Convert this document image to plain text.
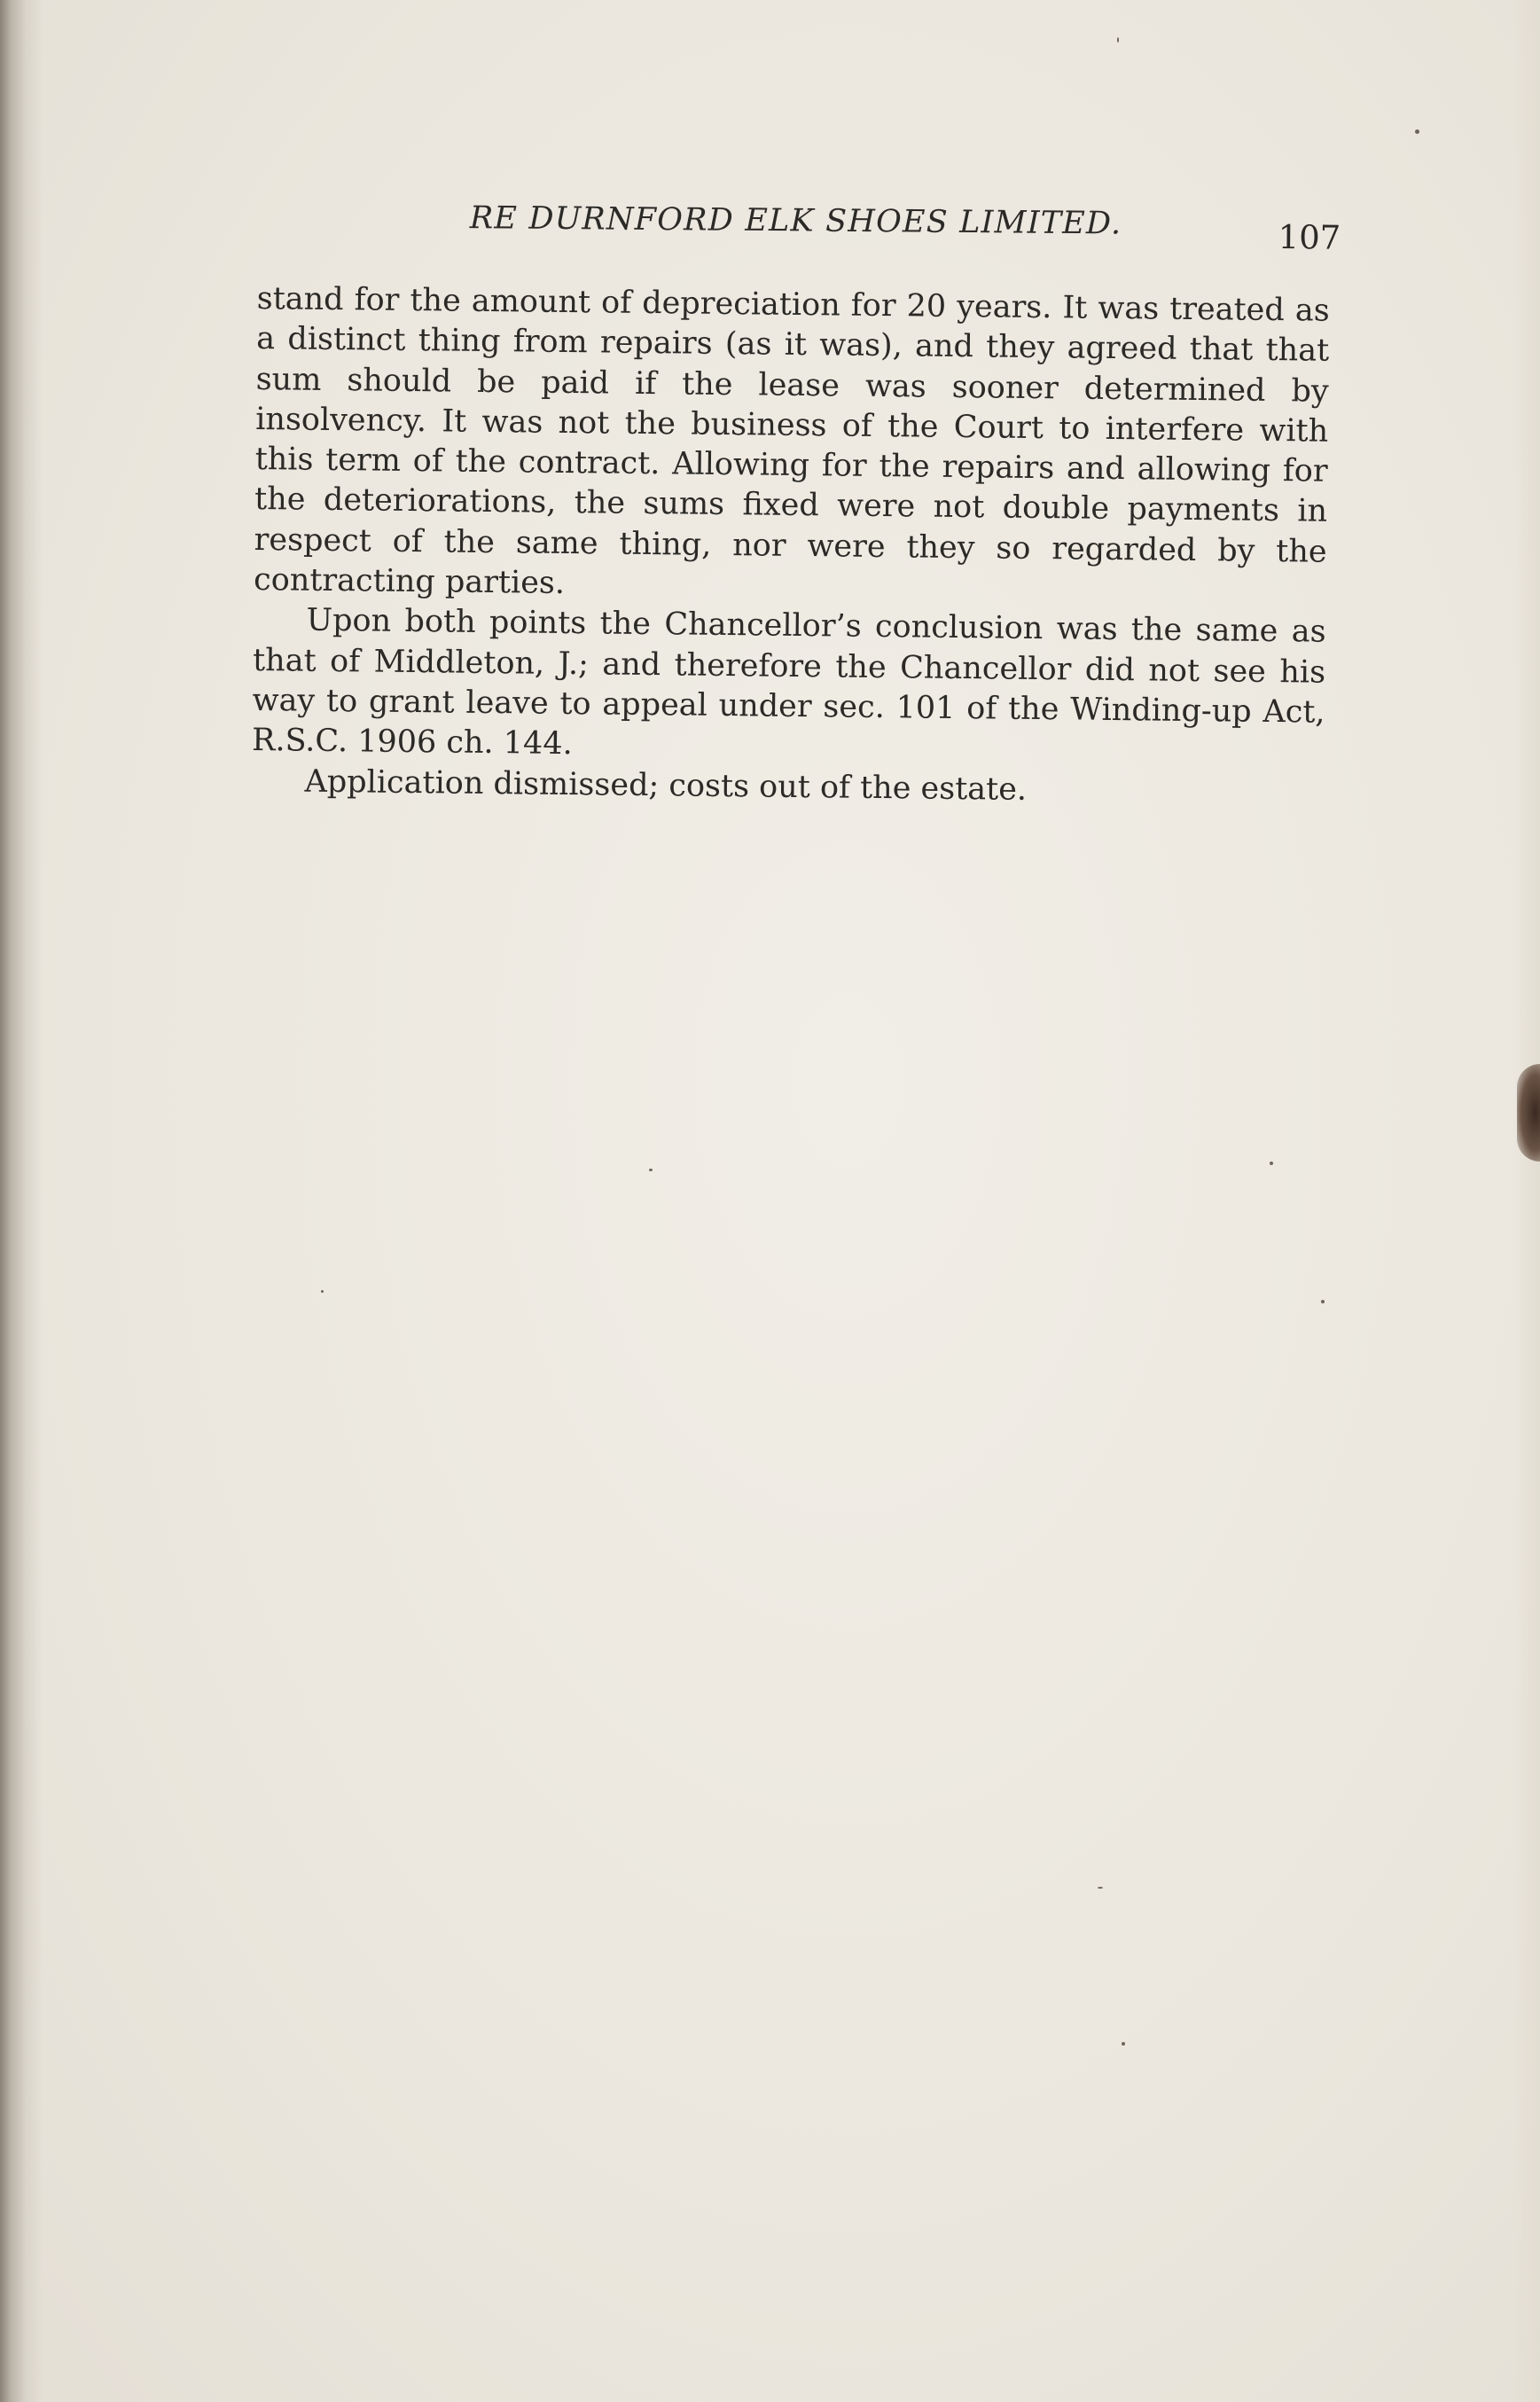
RE DURNFORD ELK SHOES LIMITED.	107

stand for the amount of depreciation for 20 years. It was treated as a distinct thing from repairs (as it was), and they agreed that that sum should be paid if the lease was sooner determined by insolvency. It was not the business of the Court to interfere with this term of the contract. Allowing for the repairs and allowing for the deteriorations, the sums fixed were not double payments in respect of the same thing, nor were they so regarded by the contracting parties.

Upon both points the Chancellor’s conclusion was the same as that of Middleton, J.; and therefore the Chancellor did not see his way to grant leave to appeal under sec. 101 of the Winding-up Act, R.S.C. 1906 ch. 144.

Application dismissed; costs out of the estate.
